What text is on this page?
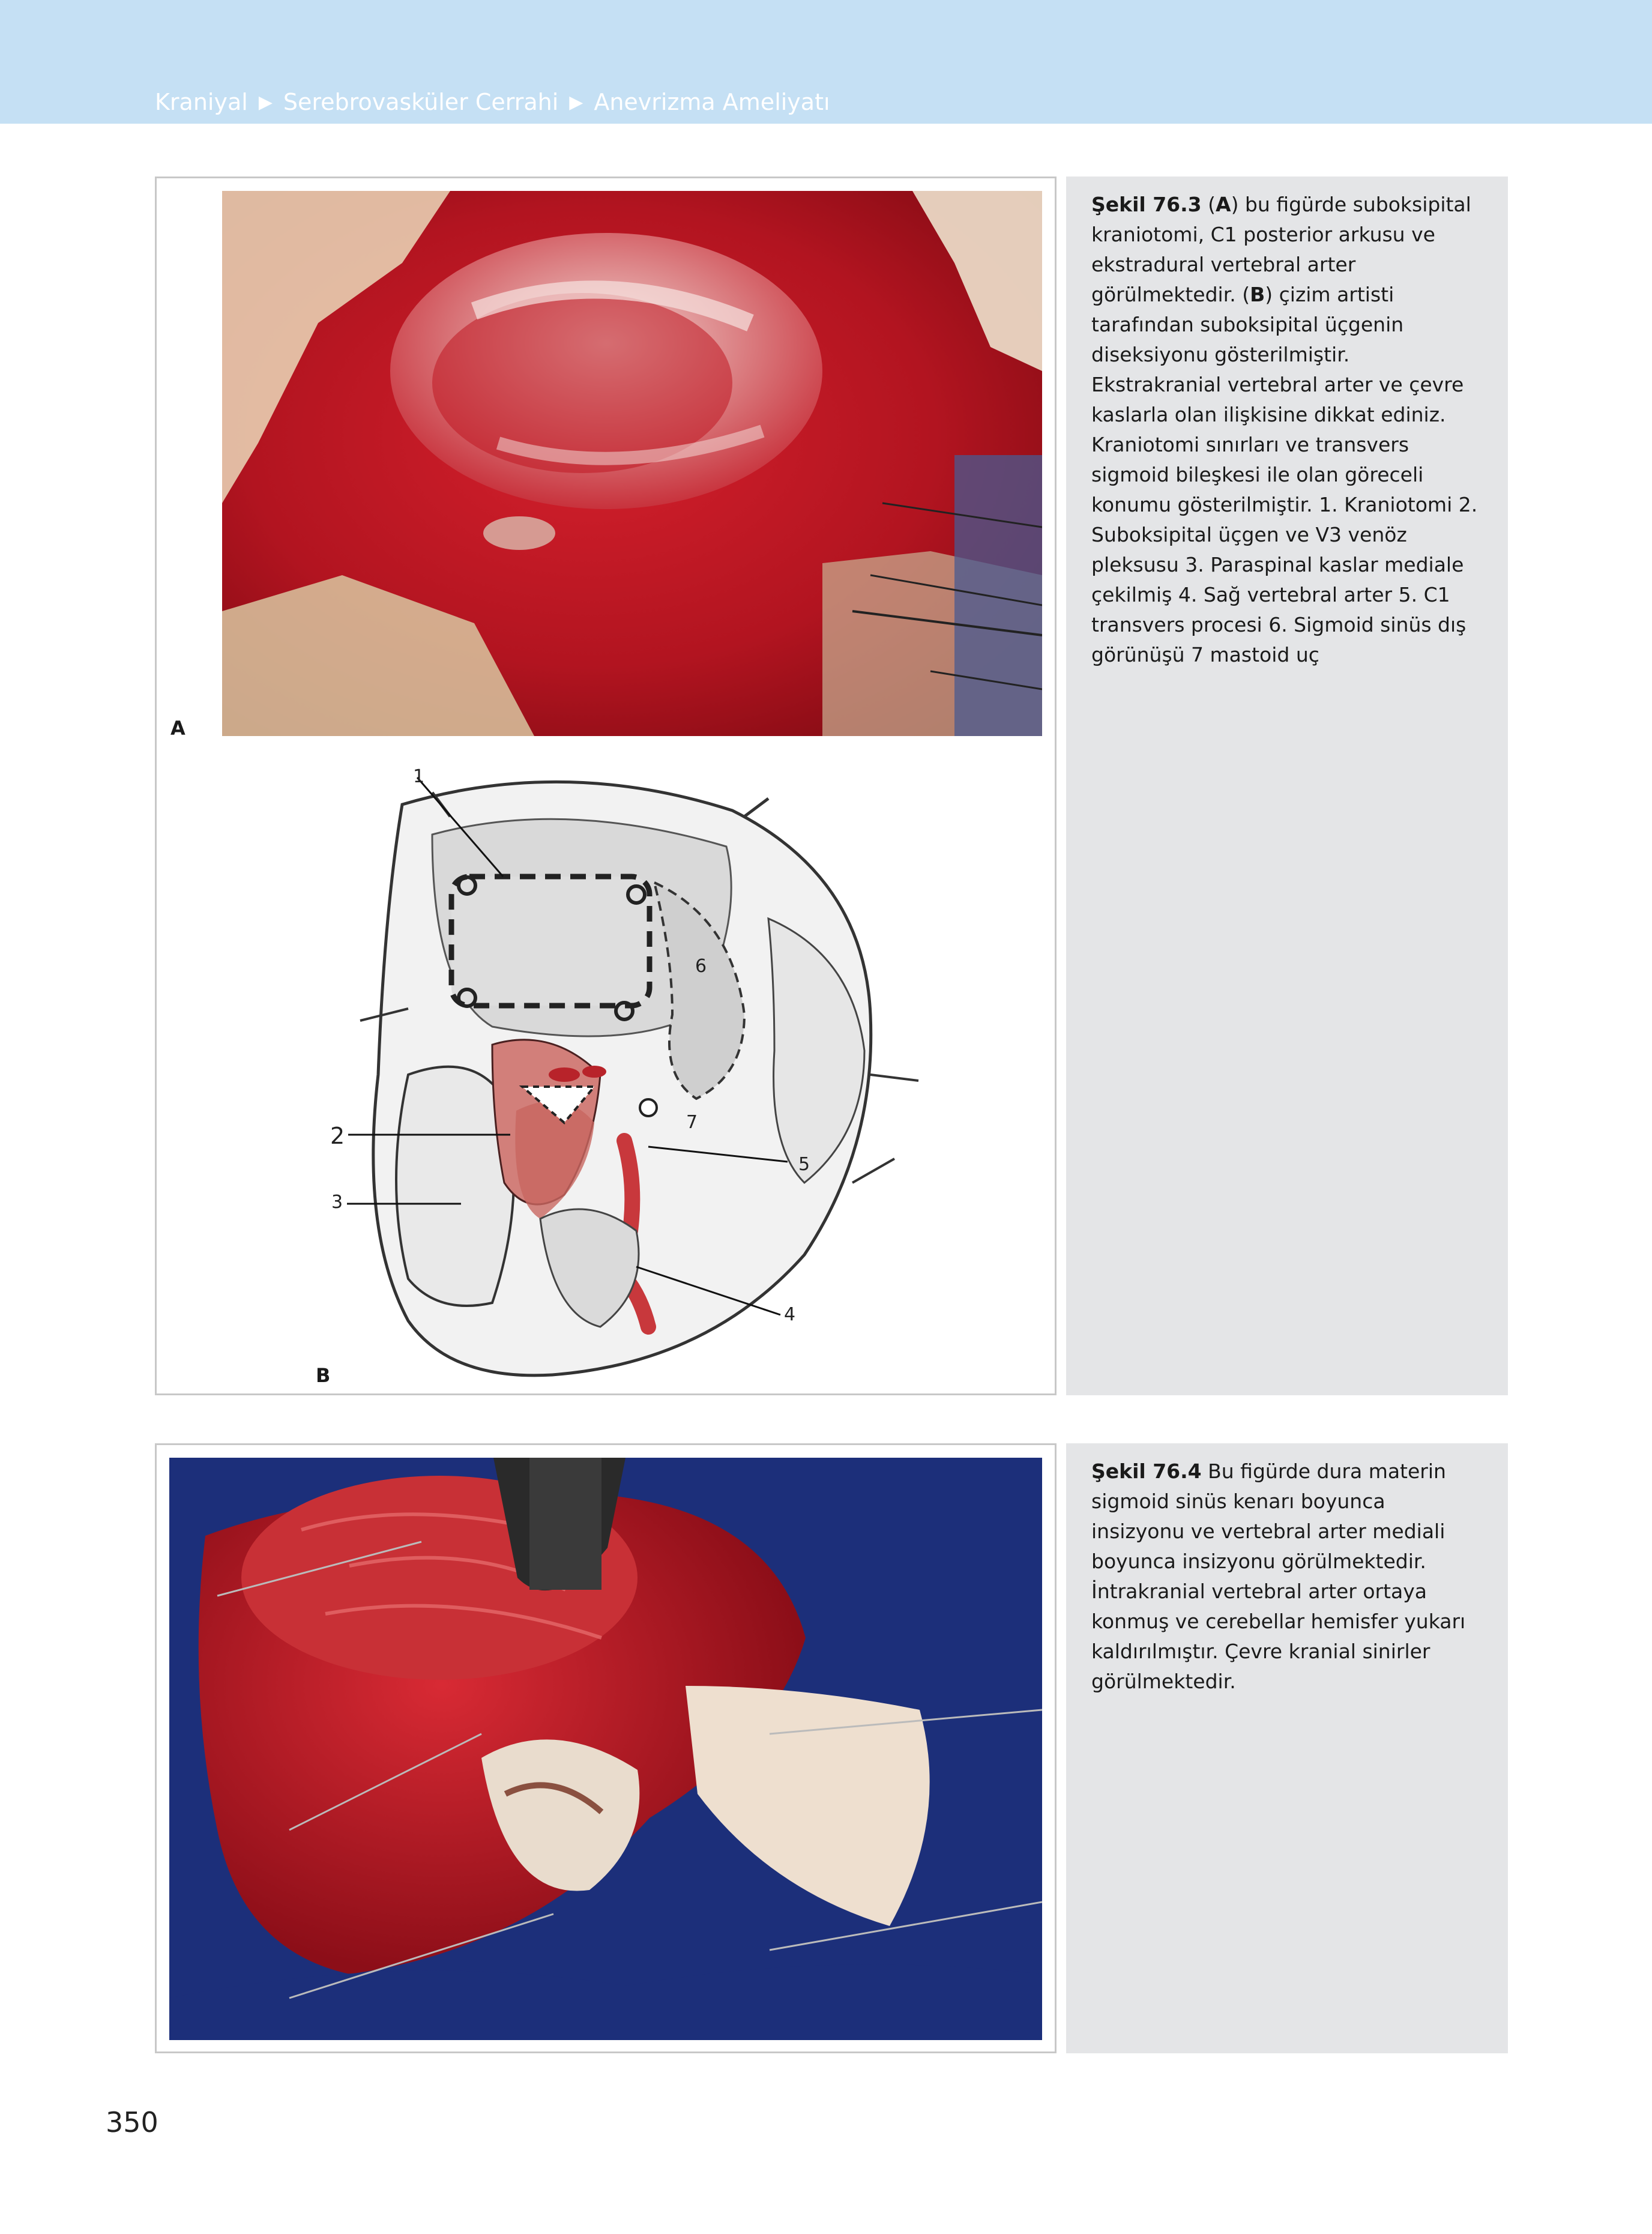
Kraniyal ▶ Serebrovasküler Cerrahi ▶ Anevrizma Ameliyatı
A
1
2
3
4
5
6
7
B

Şekil 76.3 (A) bu figürde suboksipital kraniotomi, C1 posterior arkusu ve ekstradural vertebral arter görülmektedir. (B) çizim artisti tarafından suboksipital üçgenin diseksiyonu gösterilmiştir. Ekstrakranial vertebral arter ve çevre kaslarla olan ilişkisine dikkat ediniz. Kraniotomi sınırları ve transvers sigmoid bileşkesi ile olan göreceli konumu gösterilmiştir. 1. Kraniotomi 2. Suboksipital üçgen ve V3 venöz pleksusu 3. Paraspinal kaslar mediale çekilmiş 4. Sağ vertebral arter 5. C1 transvers procesi 6. Sigmoid sinüs dış görünüşü 7 mastoid uç

Şekil 76.4 Bu figürde dura materin sigmoid sinüs kenarı boyunca insizyonu ve vertebral arter mediali boyunca insizyonu görülmektedir. İntrakranial vertebral arter ortaya konmuş ve cerebellar hemisfer yukarı kaldırılmıştır. Çevre kranial sinirler görülmektedir.

350
